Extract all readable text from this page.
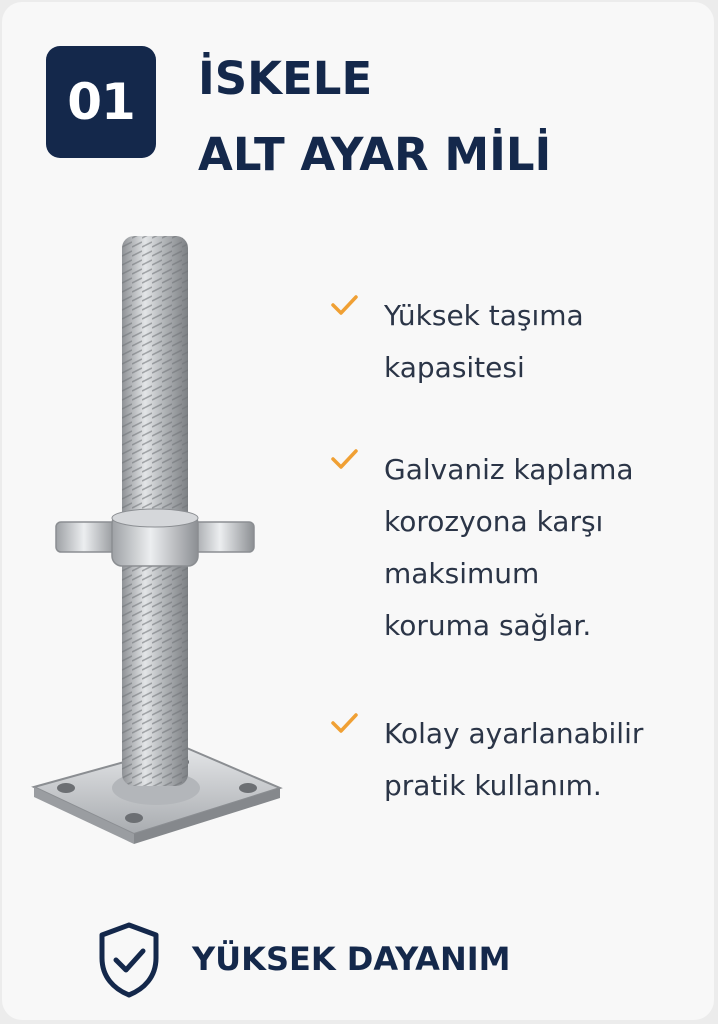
01 İSKELE
ALT AYAR MİLİ
Yüksek taşıma
kapasitesi
Galvaniz kaplama
korozyona karşı
maksimum
koruma sağlar.
Kolay ayarlanabilir
pratik kullanım.
YÜKSEK DAYANIM
